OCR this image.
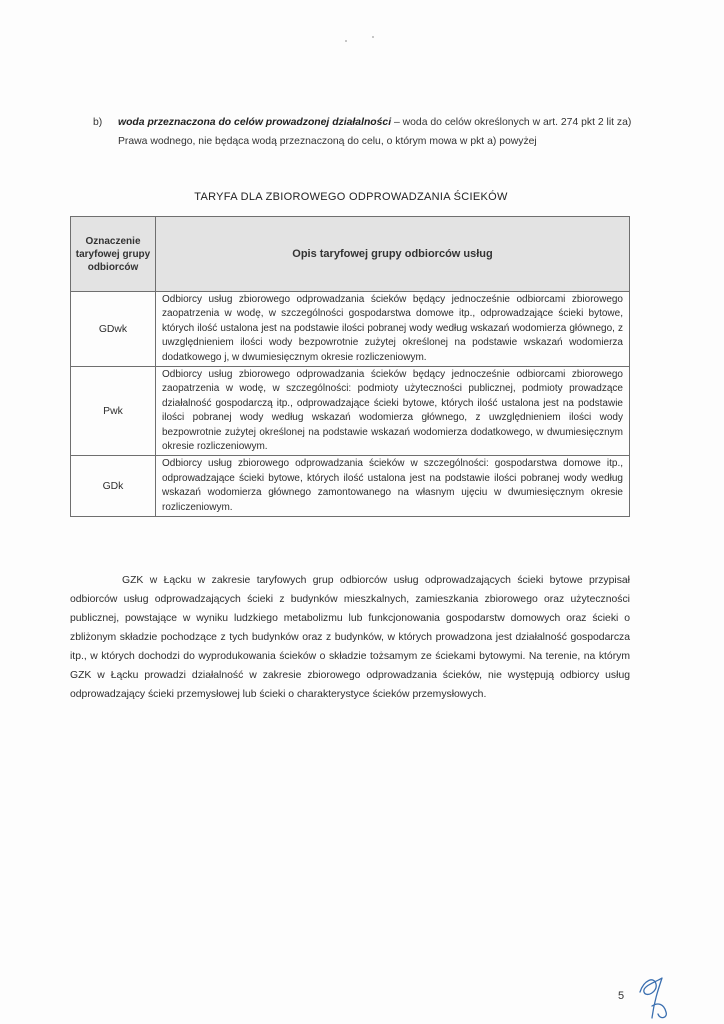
b) woda przeznaczona do celów prowadzonej działalności – woda do celów określonych w art. 274 pkt 2 lit za) Prawa wodnego, nie będąca wodą przeznaczoną do celu, o którym mowa w pkt a) powyżej
TARYFA DLA ZBIOROWEGO ODPROWADZANIA ŚCIEKÓW
Oznaczenie taryfowej grupy odbiorców	Opis taryfowej grupy odbiorców usług
GDwk	Odbiorcy usług zbiorowego odprowadzania ścieków będący jednocześnie odbiorcami zbiorowego zaopatrzenia w wodę, w szczególności gospodarstwa domowe itp., odprowadzające ścieki bytowe, których ilość ustalona jest na podstawie ilości pobranej wody według wskazań wodomierza głównego, z uwzględnieniem ilości wody bezpowrotnie zużytej określonej na podstawie wskazań wodomierza dodatkowego j, w dwumiesięcznym okresie rozliczeniowym.
Pwk	Odbiorcy usług zbiorowego odprowadzania ścieków będący jednocześnie odbiorcami zbiorowego zaopatrzenia w wodę, w szczególności: podmioty użyteczności publicznej, podmioty prowadzące działalność gospodarczą itp., odprowadzające ścieki bytowe, których ilość ustalona jest na podstawie ilości pobranej wody według wskazań wodomierza głównego, z uwzględnieniem ilości wody bezpowrotnie zużytej określonej na podstawie wskazań wodomierza dodatkowego, w dwumiesięcznym okresie rozliczeniowym.
GDk	Odbiorcy usług zbiorowego odprowadzania ścieków w szczególności: gospodarstwa domowe itp., odprowadzające ścieki bytowe, których ilość ustalona jest na podstawie ilości pobranej wody według wskazań wodomierza głównego zamontowanego na własnym ujęciu w dwumiesięcznym okresie rozliczeniowym.
GZK w Łącku w zakresie taryfowych grup odbiorców usług odprowadzających ścieki bytowe przypisał odbiorców usług odprowadzających ścieki z budynków mieszkalnych, zamieszkania zbiorowego oraz użyteczności publicznej, powstające w wyniku ludzkiego metabolizmu lub funkcjonowania gospodarstw domowych oraz ścieki o zbliżonym składzie pochodzące z tych budynków oraz z budynków, w których prowadzona jest działalność gospodarcza itp., w których dochodzi do wyprodukowania ścieków o składzie tożsamym ze ściekami bytowymi. Na terenie, na którym GZK w Łącku prowadzi działalność w zakresie zbiorowego odprowadzania ścieków, nie występują odbiorcy usług odprowadzający ścieki przemysłowej lub ścieki o charakterystyce ścieków przemysłowych.
5
